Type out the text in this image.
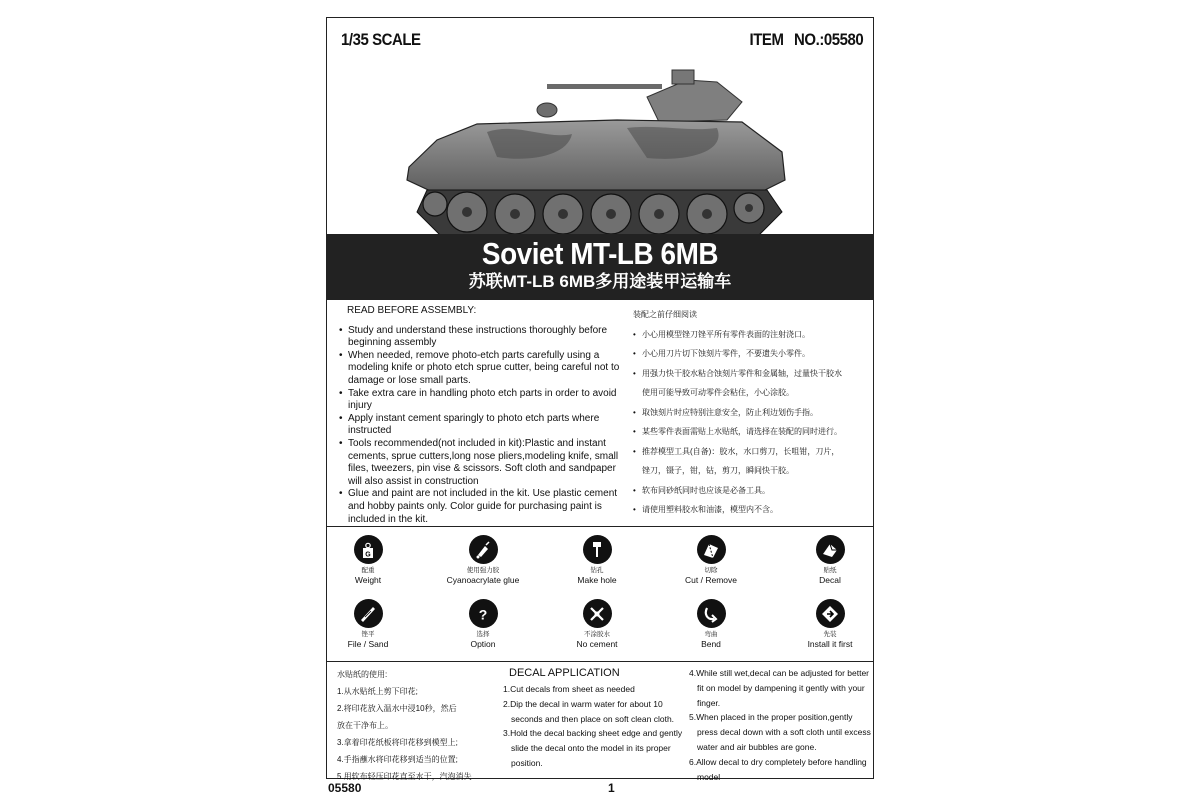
1/35 SCALE	ITEM NO.:05580
Soviet MT-LB 6MB
苏联MT-LB 6MB多用途装甲运输车
READ BEFORE ASSEMBLY:
• Study and understand these instructions thoroughly before beginning assembly
• When needed, remove photo-etch parts carefully using a modeling knife or photo etch sprue cutter, being careful not to damage or lose small parts.
• Take extra care in handling photo etch parts in order to avoid injury
• Apply instant cement sparingly to photo etch parts where instructed
• Tools recommended(not included in kit):Plastic and instant cements, sprue cutters,long nose pliers,modeling knife, small files, tweezers, pin vise & scissors. Soft cloth and sandpaper will also assist in construction
• Glue and paint are not included in the kit. Use plastic cement and hobby paints only. Color guide for purchasing paint is included in the kit.
装配之前仔细阅读
• 小心用模型锉刀锉平所有零件表面的注射浇口。
• 小心用刀片切下蚀刻片零件，不要遗失小零件。
• 用强力快干胶水粘合蚀刻片零件和金属轴，过量快干胶水
使用可能导致可动零件会粘住，小心涂胶。
• 取蚀刻片时应特别注意安全，防止利边划伤手指。
• 某些零件表面需贴上水贴纸，请选择在装配的同时进行。
• 推荐模型工具(自备)：胶水，水口剪刀，长咀钳，刀片，
锉刀，镊子，钳，钻，剪刀，瞬间快干胶。
• 软布同砂纸同时也应该是必备工具。
• 请使用塑料胶水和油漆，模型内不含。
G
配重
Weight
使用强力胶
Cyanoacrylate glue
钻孔
Make hole
切除
Cut / Remove
贴纸
Decal
锉平
File / Sand
?
选择
Option
不涂胶水
No cement
弯曲
Bend
先装
Install it first
水贴纸的使用:
1.从水贴纸上剪下印花;
2.将印花放入温水中浸10秒，然后
放在干净布上。
3.拿着印花纸板将印花移到模型上;
4.手指蘸水将印花移到适当的位置;
5.用软布轻压印花直至水干，汽泡消失
DECAL APPLICATION
1.Cut decals from sheet as needed
2.Dip the decal in warm water for about 10 seconds and then place on soft clean cloth.
3.Hold the decal backing sheet edge and gently slide the decal onto the model in its proper position.
4.While still wet,decal can be adjusted for better fit on model by dampening it gently with your finger.
5.When placed in the proper position,gently press decal down with a soft cloth until excess water and air bubbles are gone.
6.Allow decal to dry completely before handling model
05580	1
